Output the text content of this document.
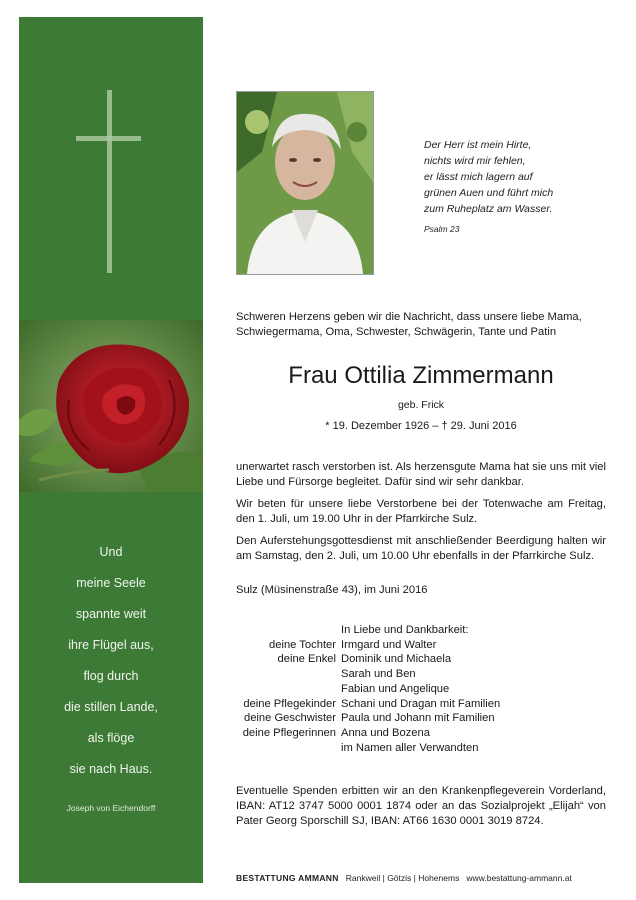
Und
meine Seele
spannte weit
ihre Flügel aus,
flog durch
die stillen Lande,
als flöge
sie nach Haus.
Joseph von Eichendorff
Der Herr ist mein Hirte,
nichts wird mir fehlen,
er lässt mich lagern auf
grünen Auen und führt mich
zum Ruheplatz am Wasser.
Psalm 23
Schweren Herzens geben wir die Nachricht, dass unsere liebe Mama, Schwiegermama, Oma, Schwester, Schwägerin, Tante und Patin
Frau Ottilia Zimmermann
geb. Frick
* 19. Dezember 1926 – † 29. Juni 2016

unerwartet rasch verstorben ist. Als herzensgute Mama hat sie uns mit viel Liebe und Fürsorge begleitet. Dafür sind wir sehr dankbar.

Wir beten für unsere liebe Verstorbene bei der Totenwache am Freitag, den 1. Juli, um 19.00 Uhr in der Pfarrkirche Sulz.

Den Auferstehungsgottesdienst mit anschließender Beerdigung halten wir am Samstag, den 2. Juli, um 10.00 Uhr ebenfalls in der Pfarrkirche Sulz.

Sulz (Müsinenstraße 43), im Juni 2016
In Liebe und Dankbarkeit:
deine Tochter Irmgard und Walter
deine Enkel Dominik und Michaela
Sarah und Ben
Fabian und Angelique
deine Pflegekinder Schani und Dragan mit Familien
deine Geschwister Paula und Johann mit Familien
deine Pflegerinnen Anna und Bozena
im Namen aller Verwandten
Eventuelle Spenden erbitten wir an den Krankenpflegeverein Vorderland, IBAN: AT12 3747 5000 0001 1874 oder an das Sozialprojekt „Elijah“ von Pater Georg Sporschill SJ, IBAN: AT66 1630 0001 3019 8724.
BESTATTUNG AMMANN Rankweil | Götzis | Hohenems www.bestattung-ammann.at
